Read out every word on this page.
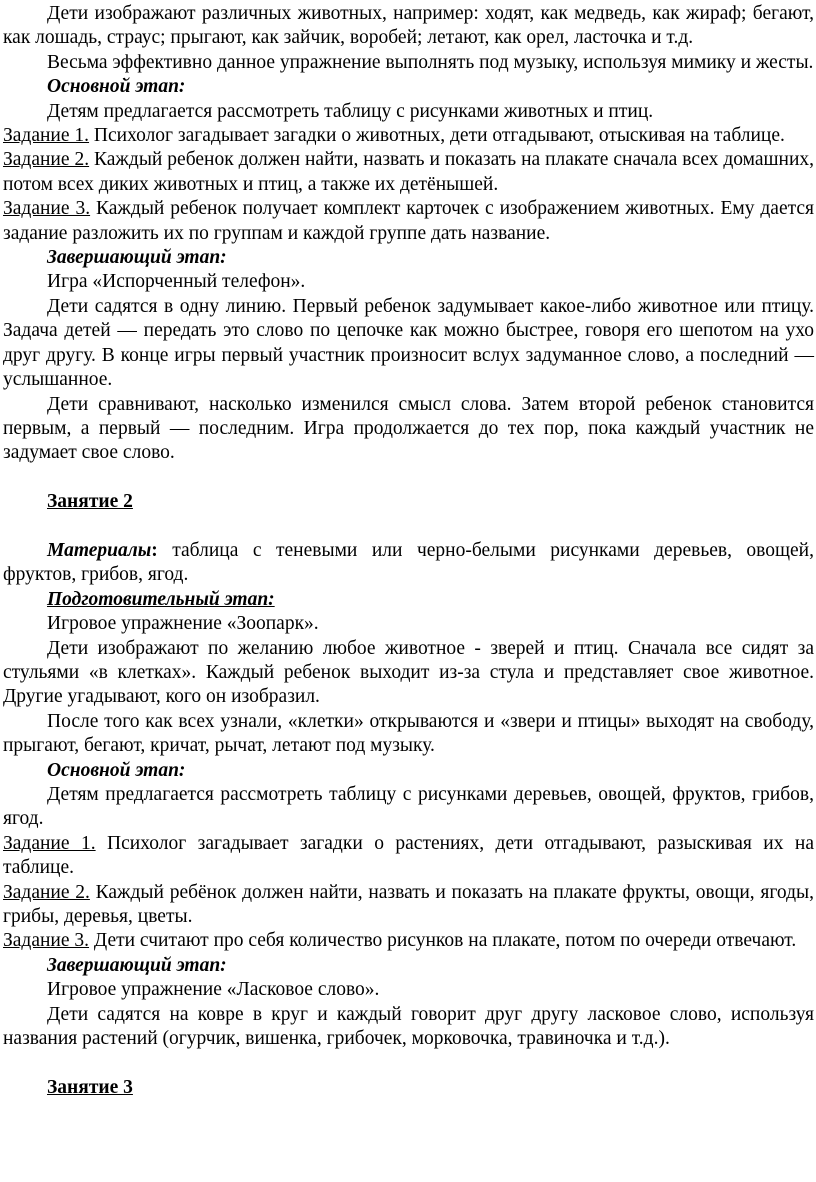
Дети изображают различных животных, например: ходят, как медведь, как жираф; бегают, как лошадь, страус; прыгают, как зайчик, воробей; летают, как орел, ласточка и т.д.

Весьма эффективно данное упражнение выполнять под музыку, используя мимику и жесты.

Основной этап:

Детям предлагается рассмотреть таблицу с рисунками животных и птиц.

Задание 1. Психолог загадывает загадки о животных, дети отгадывают, отыскивая на таблице.

Задание 2. Каждый ребенок должен найти, назвать и показать на плакате сначала всех домашних, потом всех диких животных и птиц, а также их детёнышей.

Задание 3. Каждый ребенок получает комплект карточек с изображением животных. Ему дается задание разложить их по группам и каждой группе дать название.

Завершающий этап:

Игра «Испорченный телефон».

Дети садятся в одну линию. Первый ребенок задумывает какое-либо животное или птицу. Задача детей — передать это слово по цепочке как можно быстрее, говоря его шепотом на ухо друг другу. В конце игры первый участник произносит вслух задуманное слово, а последний — услышанное.

Дети сравнивают, насколько изменился смысл слова. Затем второй ребенок становится первым, а первый — последним. Игра продолжается до тех пор, пока каждый участник не задумает свое слово.

Занятие 2

Материалы: таблица с теневыми или черно-белыми рисунками деревьев, овощей, фруктов, грибов, ягод.

Подготовительный этап:

Игровое упражнение «Зоопарк».

Дети изображают по желанию любое животное - зверей и птиц. Сначала все сидят за стульями «в клетках». Каждый ребенок выходит из-за стула и представляет свое животное. Другие угадывают, кого он изобразил.

После того как всех узнали, «клетки» открываются и «звери и птицы» выходят на свободу, прыгают, бегают, кричат, рычат, летают под музыку.

Основной этап:

Детям предлагается рассмотреть таблицу с рисунками деревьев, овощей, фруктов, грибов, ягод.

Задание 1. Психолог загадывает загадки о растениях, дети отгадывают, разыскивая их на таблице.

Задание 2. Каждый ребёнок должен найти, назвать и показать на плакате фрукты, овощи, ягоды, грибы, деревья, цветы.

Задание 3. Дети считают про себя количество рисунков на плакате, потом по очереди отвечают.

Завершающий этап:

Игровое упражнение «Ласковое слово».

Дети садятся на ковре в круг и каждый говорит друг другу ласковое слово, используя названия растений (огурчик, вишенка, грибочек, морковочка, травиночка и т.д.).

Занятие 3
